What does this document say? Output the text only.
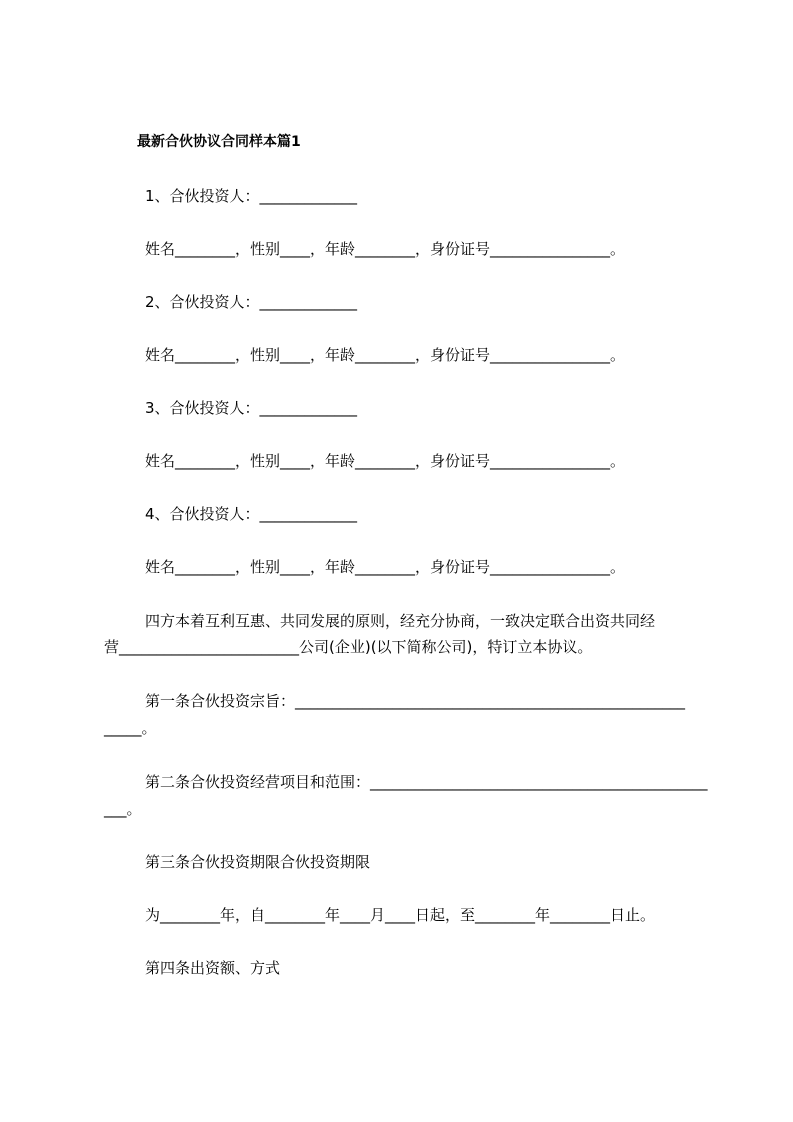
最新合伙协议合同样本篇1
1、合伙投资人：_____________
姓名________，性别____，年龄________，身份证号________________。
2、合伙投资人：_____________
姓名________，性别____，年龄________，身份证号________________。
3、合伙投资人：_____________
姓名________，性别____，年龄________，身份证号________________。
4、合伙投资人：_____________
姓名________，性别____，年龄________，身份证号________________。
四方本着互利互惠、共同发展的原则，经充分协商，一致决定联合出资共同经
营________________________公司(企业)(以下简称公司)，特订立本协议。
第一条合伙投资宗旨：____________________________________________________
_____。
第二条合伙投资经营项目和范围：_____________________________________________
___。
第三条合伙投资期限合伙投资期限
为________年，自________年____月____日起，至________年________日止。
第四条出资额、方式
